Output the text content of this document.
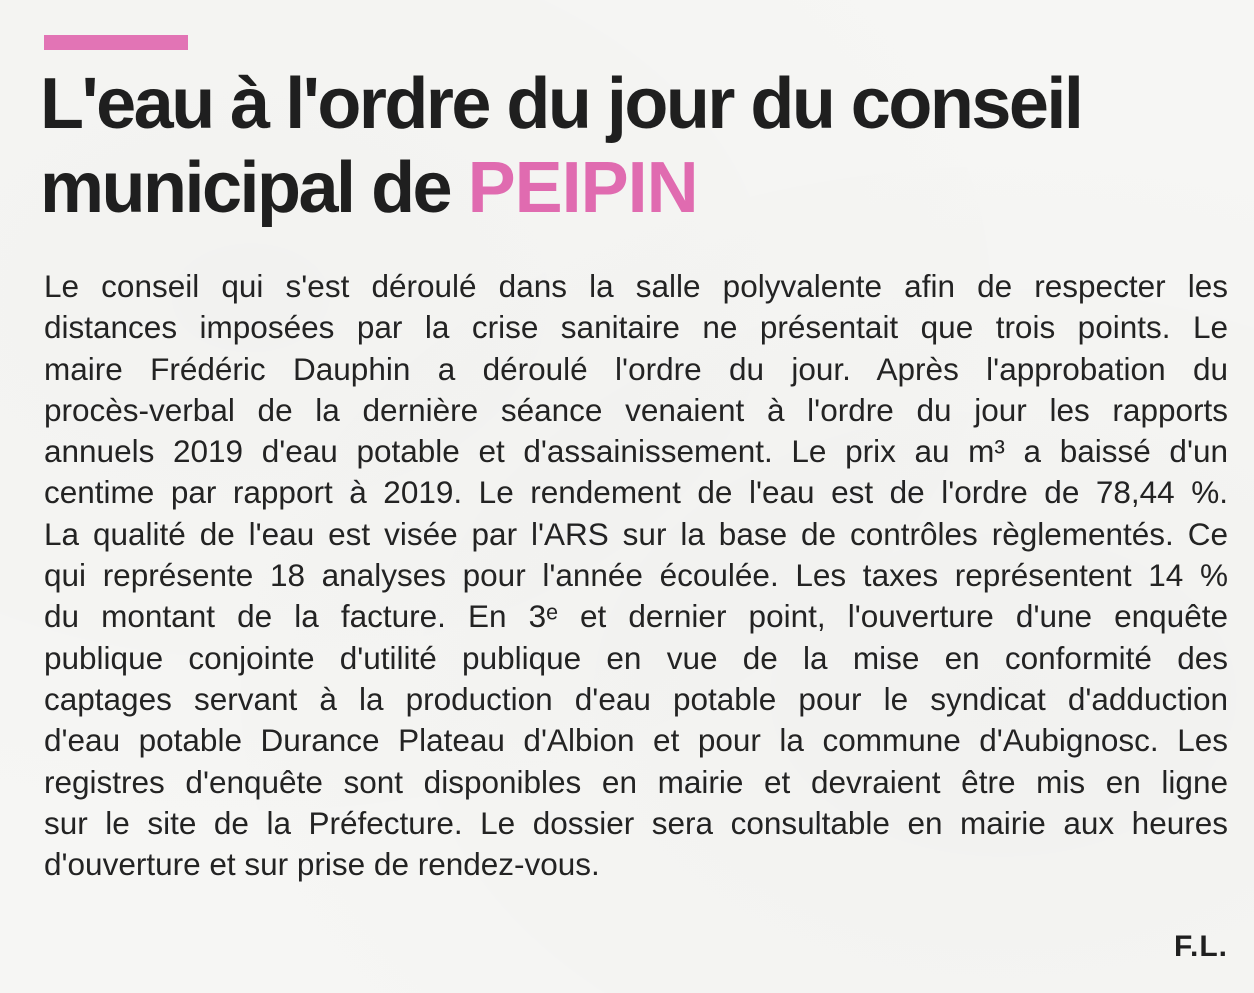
L'eau à l'ordre du jour du conseil
municipal de PEIPIN
Le conseil qui s'est déroulé dans la salle polyvalente afin de respecter les
distances imposées par la crise sanitaire ne présentait que trois points. Le
maire Frédéric Dauphin a déroulé l'ordre du jour. Après l'approbation du
procès-verbal de la dernière séance venaient à l'ordre du jour les rapports
annuels 2019 d'eau potable et d'assainissement. Le prix au m³ a baissé d'un
centime par rapport à 2019. Le rendement de l'eau est de l'ordre de 78,44 %.
La qualité de l'eau est visée par l'ARS sur la base de contrôles règlementés. Ce
qui représente 18 analyses pour l'année écoulée. Les taxes représentent 14 %
du montant de la facture. En 3ᵉ et dernier point, l'ouverture d'une enquête
publique conjointe d'utilité publique en vue de la mise en conformité des
captages servant à la production d'eau potable pour le syndicat d'adduction
d'eau potable Durance Plateau d'Albion et pour la commune d'Aubignosc. Les
registres d'enquête sont disponibles en mairie et devraient être mis en ligne
sur le site de la Préfecture. Le dossier sera consultable en mairie aux heures
d'ouverture et sur prise de rendez-vous.
F.L.
